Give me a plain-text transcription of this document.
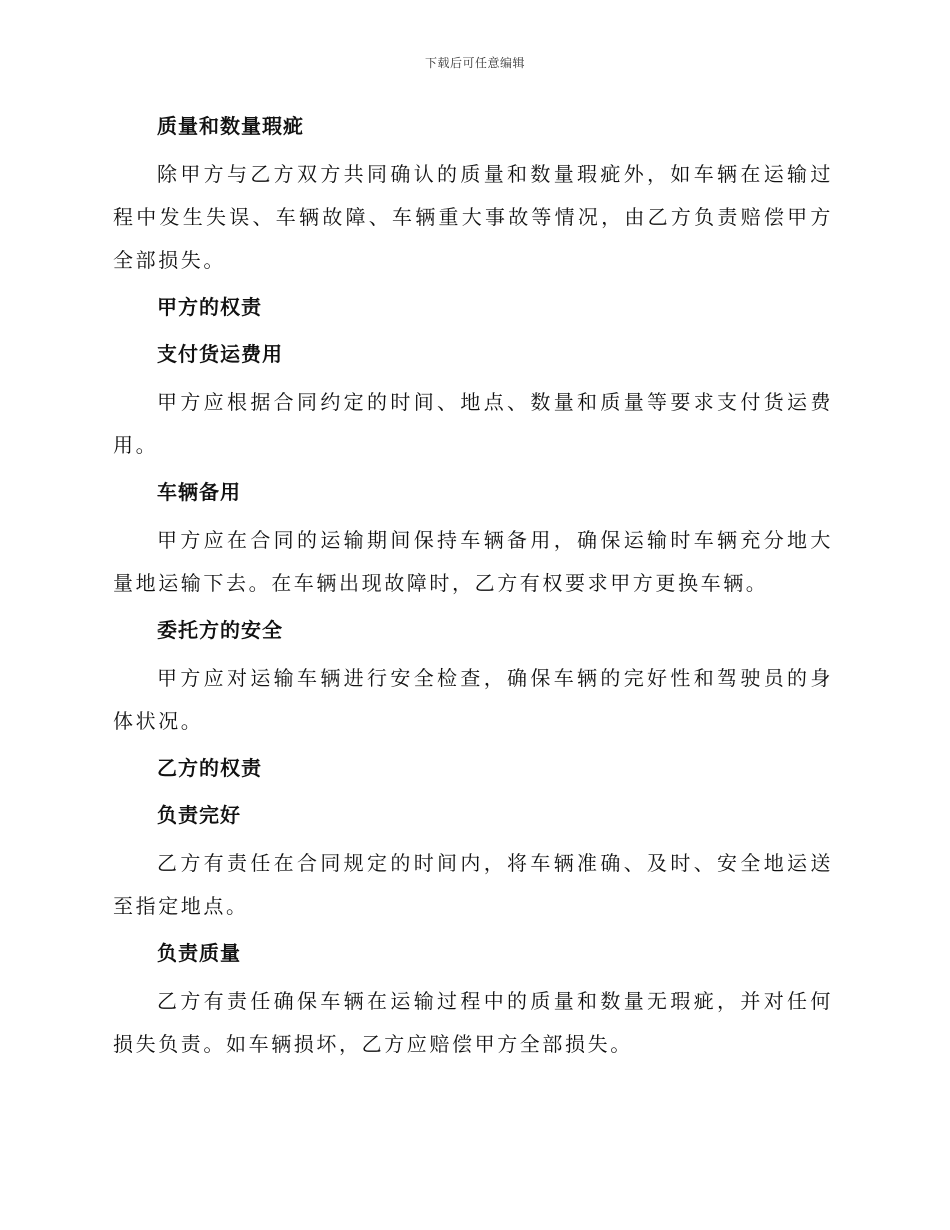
下载后可任意编辑

质量和数量瑕疵

除甲方与乙方双方共同确认的质量和数量瑕疵外，如车辆在运输过程中发生失误、车辆故障、车辆重大事故等情况，由乙方负责赔偿甲方全部损失。

甲方的权责

支付货运费用

甲方应根据合同约定的时间、地点、数量和质量等要求支付货运费用。

车辆备用

甲方应在合同的运输期间保持车辆备用，确保运输时车辆充分地大量地运输下去。在车辆出现故障时，乙方有权要求甲方更换车辆。

委托方的安全

甲方应对运输车辆进行安全检查，确保车辆的完好性和驾驶员的身体状况。

乙方的权责

负责完好

乙方有责任在合同规定的时间内，将车辆准确、及时、安全地运送至指定地点。

负责质量

乙方有责任确保车辆在运输过程中的质量和数量无瑕疵，并对任何损失负责。如车辆损坏，乙方应赔偿甲方全部损失。
